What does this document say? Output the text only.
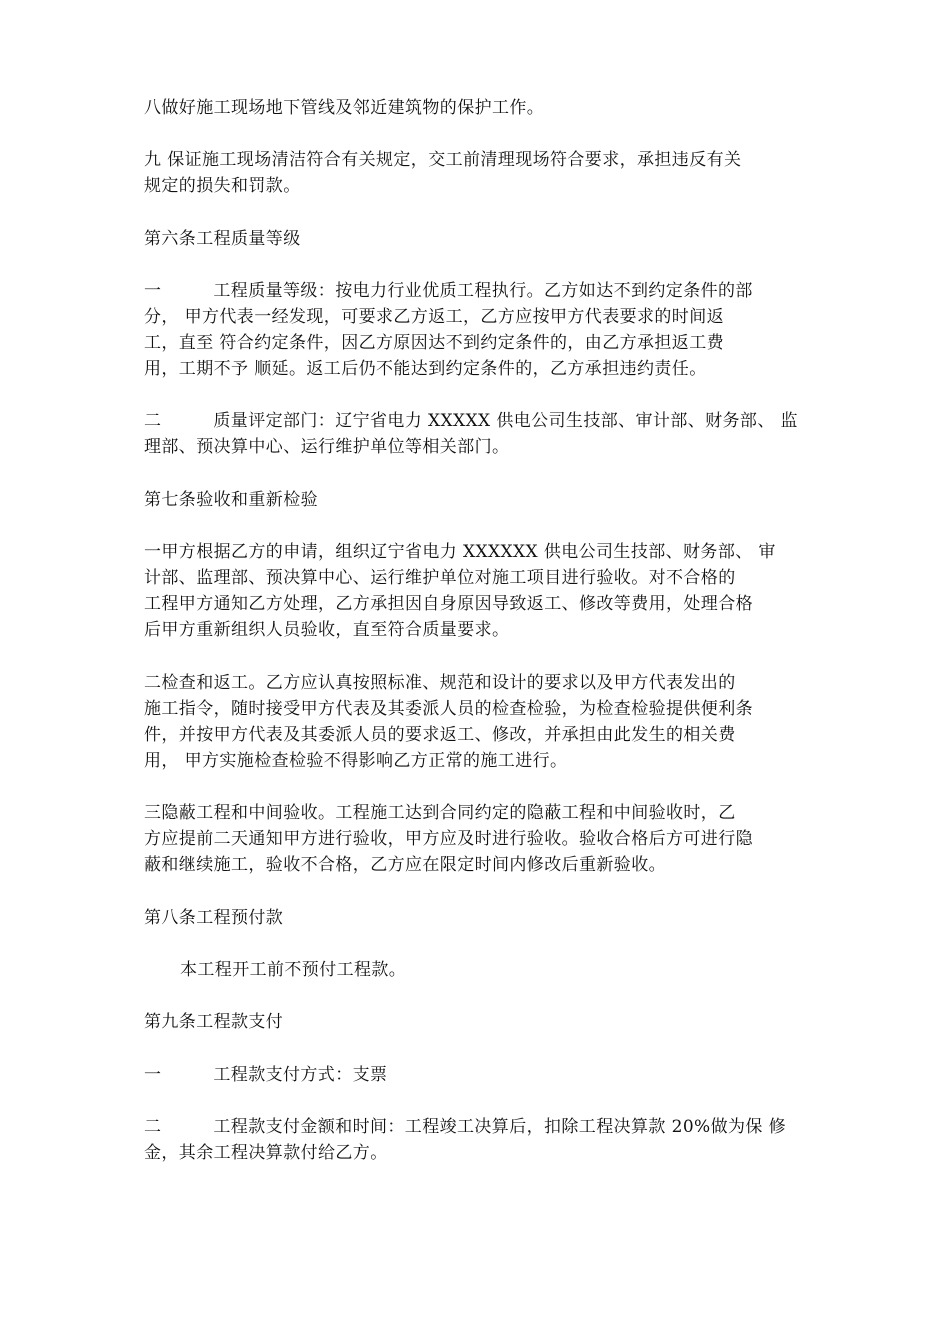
八做好施工现场地下管线及邻近建筑物的保护工作。
九 保证施工现场清洁符合有关规定，交工前清理现场符合要求，承担违反有关
规定的损失和罚款。
第六条工程质量等级
一	工程质量等级：按电力行业优质工程执行。乙方如达不到约定条件的部
分， 甲方代表一经发现，可要求乙方返工，乙方应按甲方代表要求的时间返
工，直至 符合约定条件，因乙方原因达不到约定条件的，由乙方承担返工费
用，工期不予 顺延。返工后仍不能达到约定条件的，乙方承担违约责任。
二	质量评定部门：辽宁省电力 XXXXX 供电公司生技部、审计部、财务部、 监
理部、预决算中心、运行维护单位等相关部门。
第七条验收和重新检验
一甲方根据乙方的申请，组织辽宁省电力 XXXXXX 供电公司生技部、财务部、 审
计部、监理部、预决算中心、运行维护单位对施工项目进行验收。对不合格的
工程甲方通知乙方处理，乙方承担因自身原因导致返工、修改等费用，处理合格
后甲方重新组织人员验收，直至符合质量要求。
二检查和返工。乙方应认真按照标准、规范和设计的要求以及甲方代表发出的
施工指令，随时接受甲方代表及其委派人员的检查检验，为检查检验提供便利条
件，并按甲方代表及其委派人员的要求返工、修改，并承担由此发生的相关费
用， 甲方实施检查检验不得影响乙方正常的施工进行。
三隐蔽工程和中间验收。工程施工达到合同约定的隐蔽工程和中间验收时，乙
方应提前二天通知甲方进行验收，甲方应及时进行验收。验收合格后方可进行隐
蔽和继续施工，验收不合格，乙方应在限定时间内修改后重新验收。
第八条工程预付款
本工程开工前不预付工程款。
第九条工程款支付
一	工程款支付方式：支票
二	工程款支付金额和时间：工程竣工决算后，扣除工程决算款 20%做为保 修
金，其余工程决算款付给乙方。
